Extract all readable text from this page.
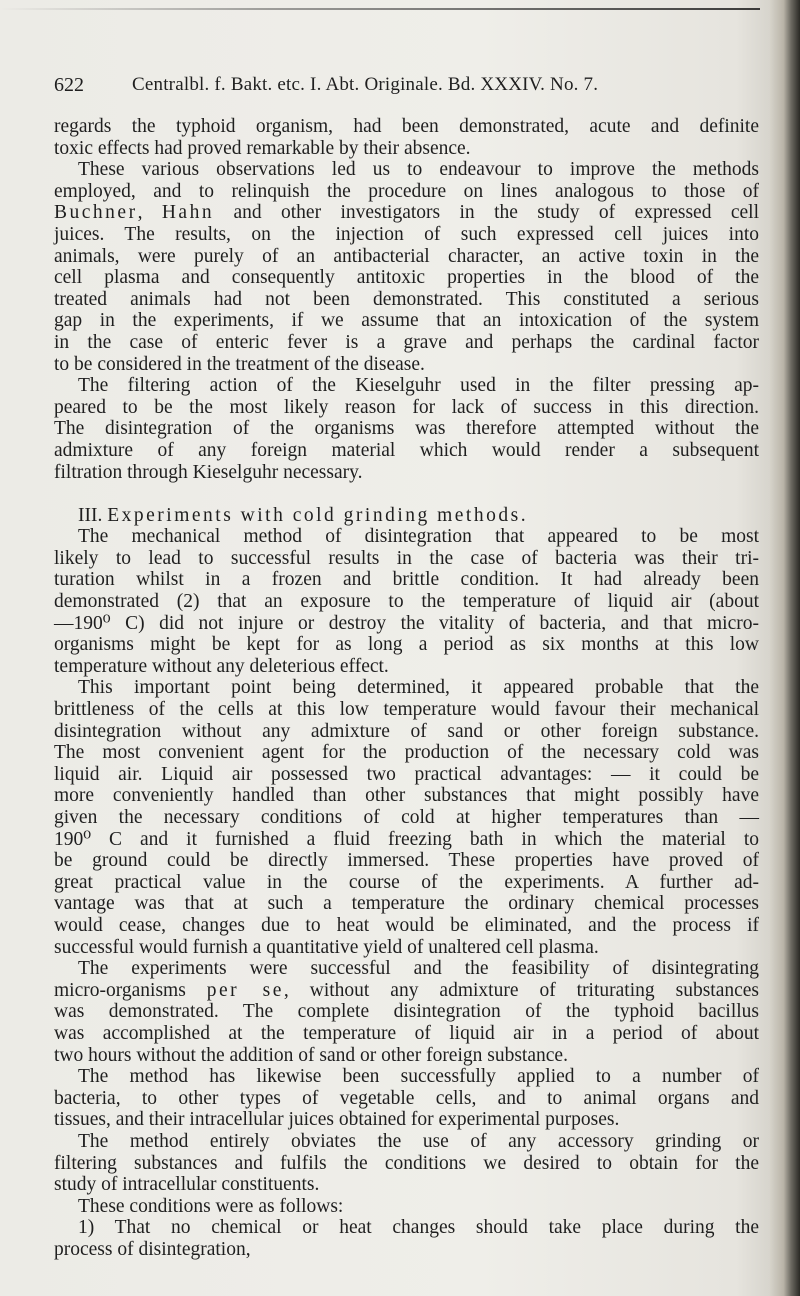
622	Centralbl. f. Bakt. etc. I. Abt. Originale. Bd. XXXIV. No. 7.
regards the typhoid organism, had been demonstrated, acute and definite
toxic effects had proved remarkable by their absence.
These various observations led us to endeavour to improve the methods
employed, and to relinquish the procedure on lines analogous to those of
Buchner, Hahn and other investigators in the study of expressed cell
juices. The results, on the injection of such expressed cell juices into
animals, were purely of an antibacterial character, an active toxin in the
cell plasma and consequently antitoxic properties in the blood of the
treated animals had not been demonstrated. This constituted a serious
gap in the experiments, if we assume that an intoxication of the system
in the case of enteric fever is a grave and perhaps the cardinal factor
to be considered in the treatment of the disease.
The filtering action of the Kieselguhr used in the filter pressing ap-
peared to be the most likely reason for lack of success in this direction.
The disintegration of the organisms was therefore attempted without the
admixture of any foreign material which would render a subsequent
filtration through Kieselguhr necessary.
III. Experiments with cold grinding methods.
The mechanical method of disintegration that appeared to be most
likely to lead to successful results in the case of bacteria was their tri-
turation whilst in a frozen and brittle condition. It had already been
demonstrated (2) that an exposure to the temperature of liquid air (about
—190⁰ C) did not injure or destroy the vitality of bacteria, and that micro-
organisms might be kept for as long a period as six months at this low
temperature without any deleterious effect.
This important point being determined, it appeared probable that the
brittleness of the cells at this low temperature would favour their mechanical
disintegration without any admixture of sand or other foreign substance.
The most convenient agent for the production of the necessary cold was
liquid air. Liquid air possessed two practical advantages: — it could be
more conveniently handled than other substances that might possibly have
given the necessary conditions of cold at higher temperatures than —
190⁰ C and it furnished a fluid freezing bath in which the material to
be ground could be directly immersed. These properties have proved of
great practical value in the course of the experiments. A further ad-
vantage was that at such a temperature the ordinary chemical processes
would cease, changes due to heat would be eliminated, and the process if
successful would furnish a quantitative yield of unaltered cell plasma.
The experiments were successful and the feasibility of disintegrating
micro-organisms per se, without any admixture of triturating substances
was demonstrated. The complete disintegration of the typhoid bacillus
was accomplished at the temperature of liquid air in a period of about
two hours without the addition of sand or other foreign substance.
The method has likewise been successfully applied to a number of
bacteria, to other types of vegetable cells, and to animal organs and
tissues, and their intracellular juices obtained for experimental purposes.
The method entirely obviates the use of any accessory grinding or
filtering substances and fulfils the conditions we desired to obtain for the
study of intracellular constituents.
These conditions were as follows:
1) That no chemical or heat changes should take place during the
process of disintegration,
